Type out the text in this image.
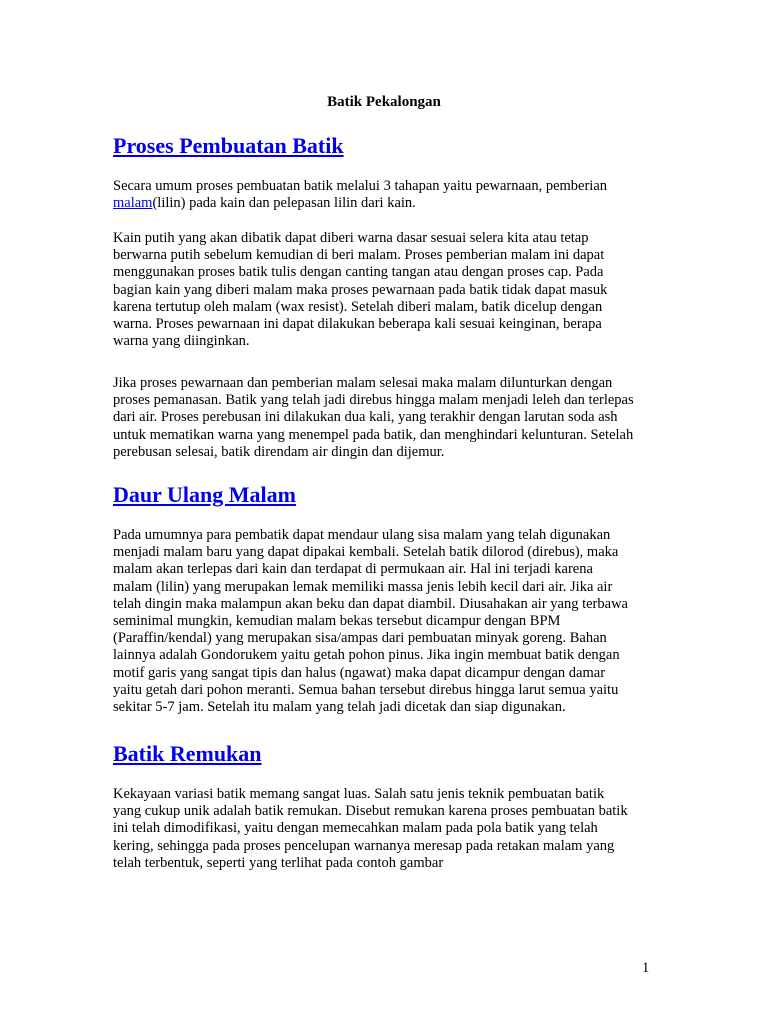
Batik Pekalongan
Proses Pembuatan Batik

Secara umum proses pembuatan batik melalui 3 tahapan yaitu pewarnaan, pemberian
malam(lilin) pada kain dan pelepasan lilin dari kain.

Kain putih yang akan dibatik dapat diberi warna dasar sesuai selera kita atau tetap
berwarna putih sebelum kemudian di beri malam. Proses pemberian malam ini dapat
menggunakan proses batik tulis dengan canting tangan atau dengan proses cap. Pada
bagian kain yang diberi malam maka proses pewarnaan pada batik tidak dapat masuk
karena tertutup oleh malam (wax resist). Setelah diberi malam, batik dicelup dengan
warna. Proses pewarnaan ini dapat dilakukan beberapa kali sesuai keinginan, berapa
warna yang diinginkan.

Jika proses pewarnaan dan pemberian malam selesai maka malam dilunturkan dengan
proses pemanasan. Batik yang telah jadi direbus hingga malam menjadi leleh dan terlepas
dari air. Proses perebusan ini dilakukan dua kali, yang terakhir dengan larutan soda ash
untuk mematikan warna yang menempel pada batik, dan menghindari kelunturan. Setelah
perebusan selesai, batik direndam air dingin dan dijemur.

Daur Ulang Malam

Pada umumnya para pembatik dapat mendaur ulang sisa malam yang telah digunakan
menjadi malam baru yang dapat dipakai kembali. Setelah batik dilorod (direbus), maka
malam akan terlepas dari kain dan terdapat di permukaan air. Hal ini terjadi karena
malam (lilin) yang merupakan lemak memiliki massa jenis lebih kecil dari air. Jika air
telah dingin maka malampun akan beku dan dapat diambil. Diusahakan air yang terbawa
seminimal mungkin, kemudian malam bekas tersebut dicampur dengan BPM
(Paraffin/kendal) yang merupakan sisa/ampas dari pembuatan minyak goreng. Bahan
lainnya adalah Gondorukem yaitu getah pohon pinus. Jika ingin membuat batik dengan
motif garis yang sangat tipis dan halus (ngawat) maka dapat dicampur dengan damar
yaitu getah dari pohon meranti. Semua bahan tersebut direbus hingga larut semua yaitu
sekitar 5-7 jam. Setelah itu malam yang telah jadi dicetak dan siap digunakan.

Batik Remukan

Kekayaan variasi batik memang sangat luas. Salah satu jenis teknik pembuatan batik
yang cukup unik adalah batik remukan. Disebut remukan karena proses pembuatan batik
ini telah dimodifikasi, yaitu dengan memecahkan malam pada pola batik yang telah
kering, sehingga pada proses pencelupan warnanya meresap pada retakan malam yang
telah terbentuk, seperti yang terlihat pada contoh gambar

1
